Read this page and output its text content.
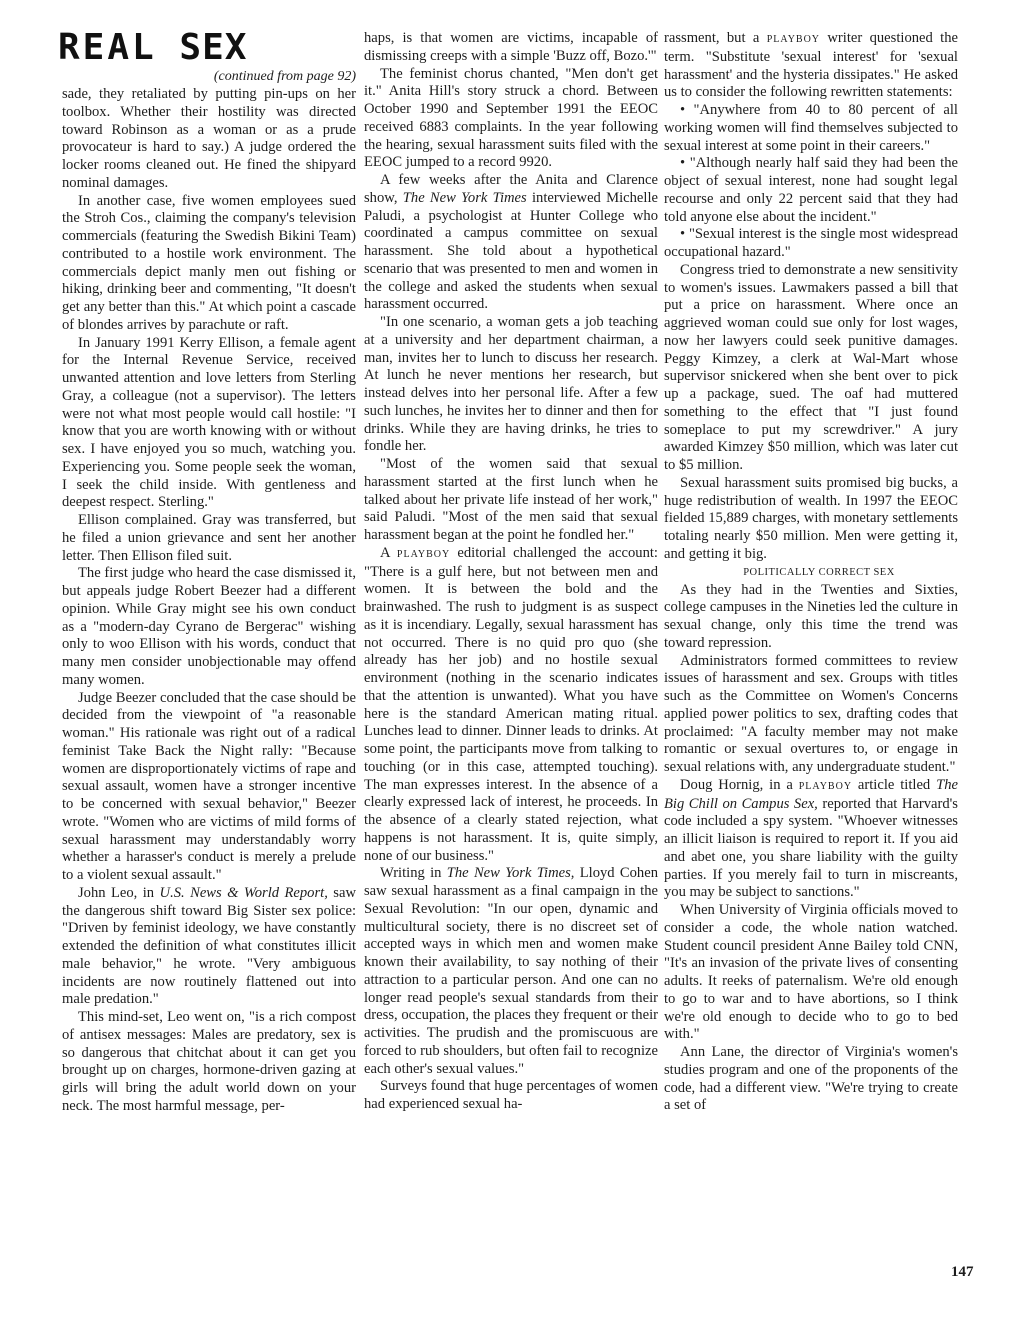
REAL SEX
(continued from page 92)

sade, they retaliated by putting pin-ups on her toolbox. Whether their hostility was directed toward Robinson as a woman or as a prude provocateur is hard to say.) A judge ordered the locker rooms cleaned out. He fined the shipyard nominal damages.

In another case, five women employees sued the Stroh Cos., claiming the company's television commercials (featuring the Swedish Bikini Team) contributed to a hostile work environment. The commercials depict manly men out fishing or hiking, drinking beer and commenting, "It doesn't get any better than this." At which point a cascade of blondes arrives by parachute or raft.

In January 1991 Kerry Ellison, a female agent for the Internal Revenue Service, received unwanted attention and love letters from Sterling Gray, a colleague (not a supervisor). The letters were not what most people would call hostile: "I know that you are worth knowing with or without sex. I have enjoyed you so much, watching you. Experiencing you. Some people seek the woman, I seek the child inside. With gentleness and deepest respect. Sterling."

Ellison complained. Gray was transferred, but he filed a union grievance and sent her another letter. Then Ellison filed suit.

The first judge who heard the case dismissed it, but appeals judge Robert Beezer had a different opinion. While Gray might see his own conduct as a "modern-day Cyrano de Bergerac" wishing only to woo Ellison with his words, conduct that many men consider unobjectionable may offend many women.

Judge Beezer concluded that the case should be decided from the viewpoint of "a reasonable woman." His rationale was right out of a radical feminist Take Back the Night rally: "Because women are disproportionately victims of rape and sexual assault, women have a stronger incentive to be concerned with sexual behavior," Beezer wrote. "Women who are victims of mild forms of sexual harassment may understandably worry whether a harasser's conduct is merely a prelude to a violent sexual assault."

John Leo, in U.S. News & World Report, saw the dangerous shift toward Big Sister sex police: "Driven by feminist ideology, we have constantly extended the definition of what constitutes illicit male behavior," he wrote. "Very ambiguous incidents are now routinely flattened out into male predation."

This mind-set, Leo went on, "is a rich compost of antisex messages: Males are predatory, sex is so dangerous that chitchat about it can get you brought up on charges, hormone-driven gazing at girls will bring the adult world down on your neck. The most harmful message, per-

haps, is that women are victims, incapable of dismissing creeps with a simple 'Buzz off, Bozo.'"

The feminist chorus chanted, "Men don't get it." Anita Hill's story struck a chord. Between October 1990 and September 1991 the EEOC received 6883 complaints. In the year following the hearing, sexual harassment suits filed with the EEOC jumped to a record 9920.

A few weeks after the Anita and Clarence show, The New York Times interviewed Michelle Paludi, a psychologist at Hunter College who coordinated a campus committee on sexual harassment. She told about a hypothetical scenario that was presented to men and women in the college and asked the students when sexual harassment occurred.

"In one scenario, a woman gets a job teaching at a university and her department chairman, a man, invites her to lunch to discuss her research. At lunch he never mentions her research, but instead delves into her personal life. After a few such lunches, he invites her to dinner and then for drinks. While they are having drinks, he tries to fondle her.

"Most of the women said that sexual harassment started at the first lunch when he talked about her private life instead of her work," said Paludi. "Most of the men said that sexual harassment began at the point he fondled her."

A PLAYBOY editorial challenged the account: "There is a gulf here, but not between men and women. It is between the bold and the brainwashed. The rush to judgment is as suspect as it is incendiary. Legally, sexual harassment has not occurred. There is no quid pro quo (she already has her job) and no hostile sexual environment (nothing in the scenario indicates that the attention is unwanted). What you have here is the standard American mating ritual. Lunches lead to dinner. Dinner leads to drinks. At some point, the participants move from talking to touching (or in this case, attempted touching). The man expresses interest. In the absence of a clearly expressed lack of interest, he proceeds. In the absence of a clearly stated rejection, what happens is not harassment. It is, quite simply, none of our business."

Writing in The New York Times, Lloyd Cohen saw sexual harassment as a final campaign in the Sexual Revolution: "In our open, dynamic and multicultural society, there is no discreet set of accepted ways in which men and women make known their availability, to say nothing of their attraction to a particular person. And one can no longer read people's sexual standards from their dress, occupation, the places they frequent or their activities. The prudish and the promiscuous are forced to rub shoulders, but often fail to recognize each other's sexual values."

Surveys found that huge percentages of women had experienced sexual ha-

rassment, but a PLAYBOY writer questioned the term. "Substitute 'sexual interest' for 'sexual harassment' and the hysteria dissipates." He asked us to consider the following rewritten statements:

• "Anywhere from 40 to 80 percent of all working women will find themselves subjected to sexual interest at some point in their careers."

• "Although nearly half said they had been the object of sexual interest, none had sought legal recourse and only 22 percent said that they had told anyone else about the incident."

• "Sexual interest is the single most widespread occupational hazard."

Congress tried to demonstrate a new sensitivity to women's issues. Lawmakers passed a bill that put a price on harassment. Where once an aggrieved woman could sue only for lost wages, now her lawyers could seek punitive damages. Peggy Kimzey, a clerk at Wal-Mart whose supervisor snickered when she bent over to pick up a package, sued. The oaf had muttered something to the effect that "I just found someplace to put my screwdriver." A jury awarded Kimzey $50 million, which was later cut to $5 million.

Sexual harassment suits promised big bucks, a huge redistribution of wealth. In 1997 the EEOC fielded 15,889 charges, with monetary settlements totaling nearly $50 million. Men were getting it, and getting it big.

POLITICALLY CORRECT SEX

As they had in the Twenties and Sixties, college campuses in the Nineties led the culture in sexual change, only this time the trend was toward repression.

Administrators formed committees to review issues of harassment and sex. Groups with titles such as the Committee on Women's Concerns applied power politics to sex, drafting codes that proclaimed: "A faculty member may not make romantic or sexual overtures to, or engage in sexual relations with, any undergraduate student."

Doug Hornig, in a PLAYBOY article titled The Big Chill on Campus Sex, reported that Harvard's code included a spy system. "Whoever witnesses an illicit liaison is required to report it. If you aid and abet one, you share liability with the guilty parties. If you merely fail to turn in miscreants, you may be subject to sanctions."

When University of Virginia officials moved to consider a code, the whole nation watched. Student council president Anne Bailey told CNN, "It's an invasion of the private lives of consenting adults. It reeks of paternalism. We're old enough to go to war and to have abortions, so I think we're old enough to decide who to go to bed with."

Ann Lane, the director of Virginia's women's studies program and one of the proponents of the code, had a different view. "We're trying to create a set of

147
